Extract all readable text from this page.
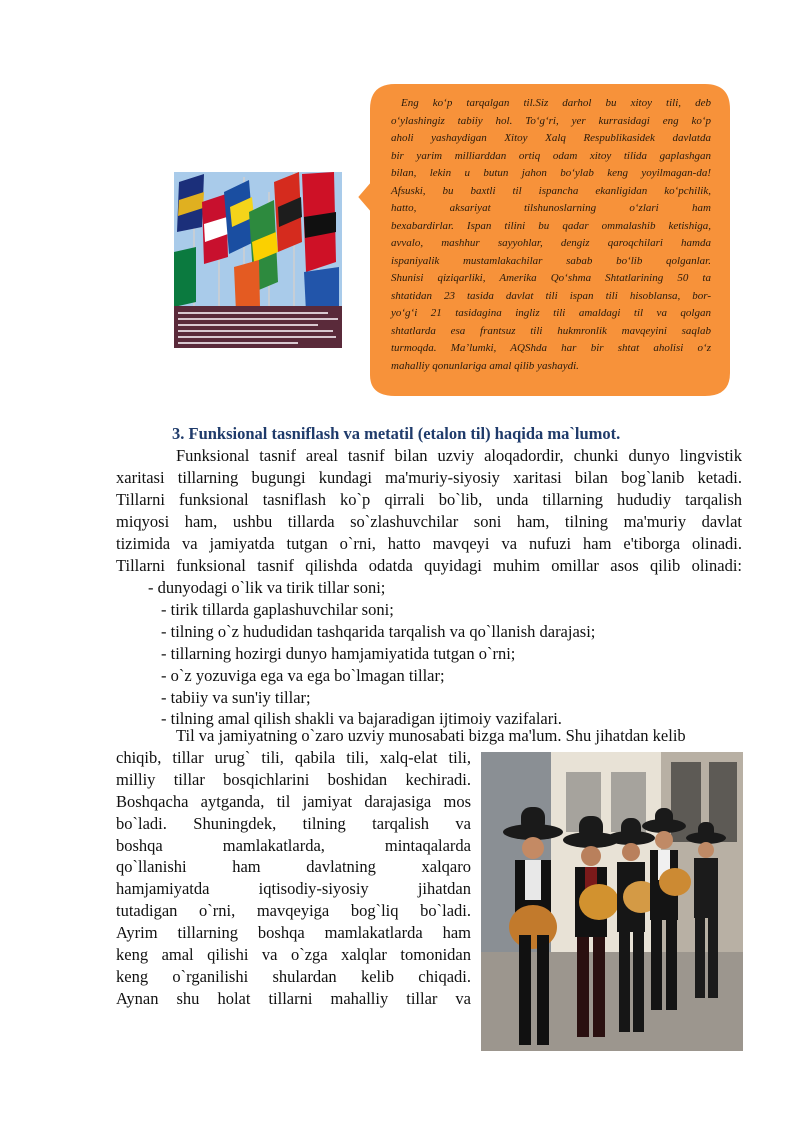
Eng ko‘p tarqalgan til.Siz darhol bu xitoy tili, deb

o‘ylashingiz tabiiy hol. To‘g‘ri, yer kurrasidagi eng ko‘p
aholi yashaydigan Xitoy Xalq Respublikasidek davlatda
bir yarim milliarddan ortiq odam xitoy tilida gaplashgan
bilan, lekin u butun jahon bo‘ylab keng yoyilmagan-da!
Afsuski, bu baxtli til ispancha ekanligidan ko‘pchilik,
hatto, aksariyat tilshunoslarning o‘zlari ham
bexabardirlar. Ispan tilini bu qadar ommalashib ketishiga,
avvalo, mashhur sayyohlar, dengiz qaroqchilari hamda
ispaniyalik mustamlakachilar sabab bo‘lib qolganlar.
Shunisi qiziqarliki, Amerika Qo‘shma Shtatlarining 50 ta
shtatidan 23 tasida davlat tili ispan tili hisoblansa, bor-
yo‘g‘i 21 tasidagina ingliz tili amaldagi til va qolgan
shtatlarda esa frantsuz tili hukmronlik mavqeyini saqlab
turmoqda. Ma’lumki, AQShda har bir shtat aholisi o‘z
mahalliy qonunlariga amal qilib yashaydi.
3. Funksional tasniflash va metatil (etalon til) haqida ma`lumot.
Funksional tasnif areal tasnif bilan uzviy aloqadordir, chunki dunyo lingvistik
xaritasi tillarning bugungi kundagi ma'muriy-siyosiy xaritasi bilan bog`lanib ketadi.
Tillarni funksional tasniflash ko`p qirrali bo`lib, unda tillarning hududiy tarqalish
miqyosi ham, ushbu tillarda so`zlashuvchilar soni ham, tilning ma'muriy davlat
tizimida va jamiyatda tutgan o`rni, hatto mavqeyi va nufuzi ham e'tiborga olinadi.
Tillarni funksional tasnif qilishda odatda quyidagi muhim omillar asos qilib olinadi:
- dunyodagi o`lik va tirik tillar soni;
- tirik tillarda gaplashuvchilar soni;
- tilning o`z hududidan tashqarida tarqalish va qo`llanish darajasi;
- tillarning hozirgi dunyo hamjamiyatida tutgan o`rni;
- o`z yozuviga ega va ega bo`lmagan tillar;
- tabiiy va sun'iy tillar;
- tilning amal qilish shakli va bajaradigan ijtimoiy vazifalari.
Til va jamiyatning o`zaro uzviy munosabati bizga ma'lum. Shu jihatdan kelib
chiqib, tillar urug` tili, qabila tili, xalq-elat tili,
milliy tillar bosqichlarini boshidan kechiradi.
Boshqacha aytganda, til jamiyat darajasiga mos
bo`ladi. Shuningdek, tilning tarqalish va
boshqa mamlakatlarda, mintaqalarda
qo`llanishi ham davlatning xalqaro
hamjamiyatda iqtisodiy-siyosiy jihatdan
tutadigan o`rni, mavqeyiga bog`liq bo`ladi.
Ayrim tillarning boshqa mamlakatlarda ham
keng amal qilishi va o`zga xalqlar tomonidan
keng o`rganilishi shulardan kelib chiqadi.
Aynan shu holat tillarni mahalliy tillar va
